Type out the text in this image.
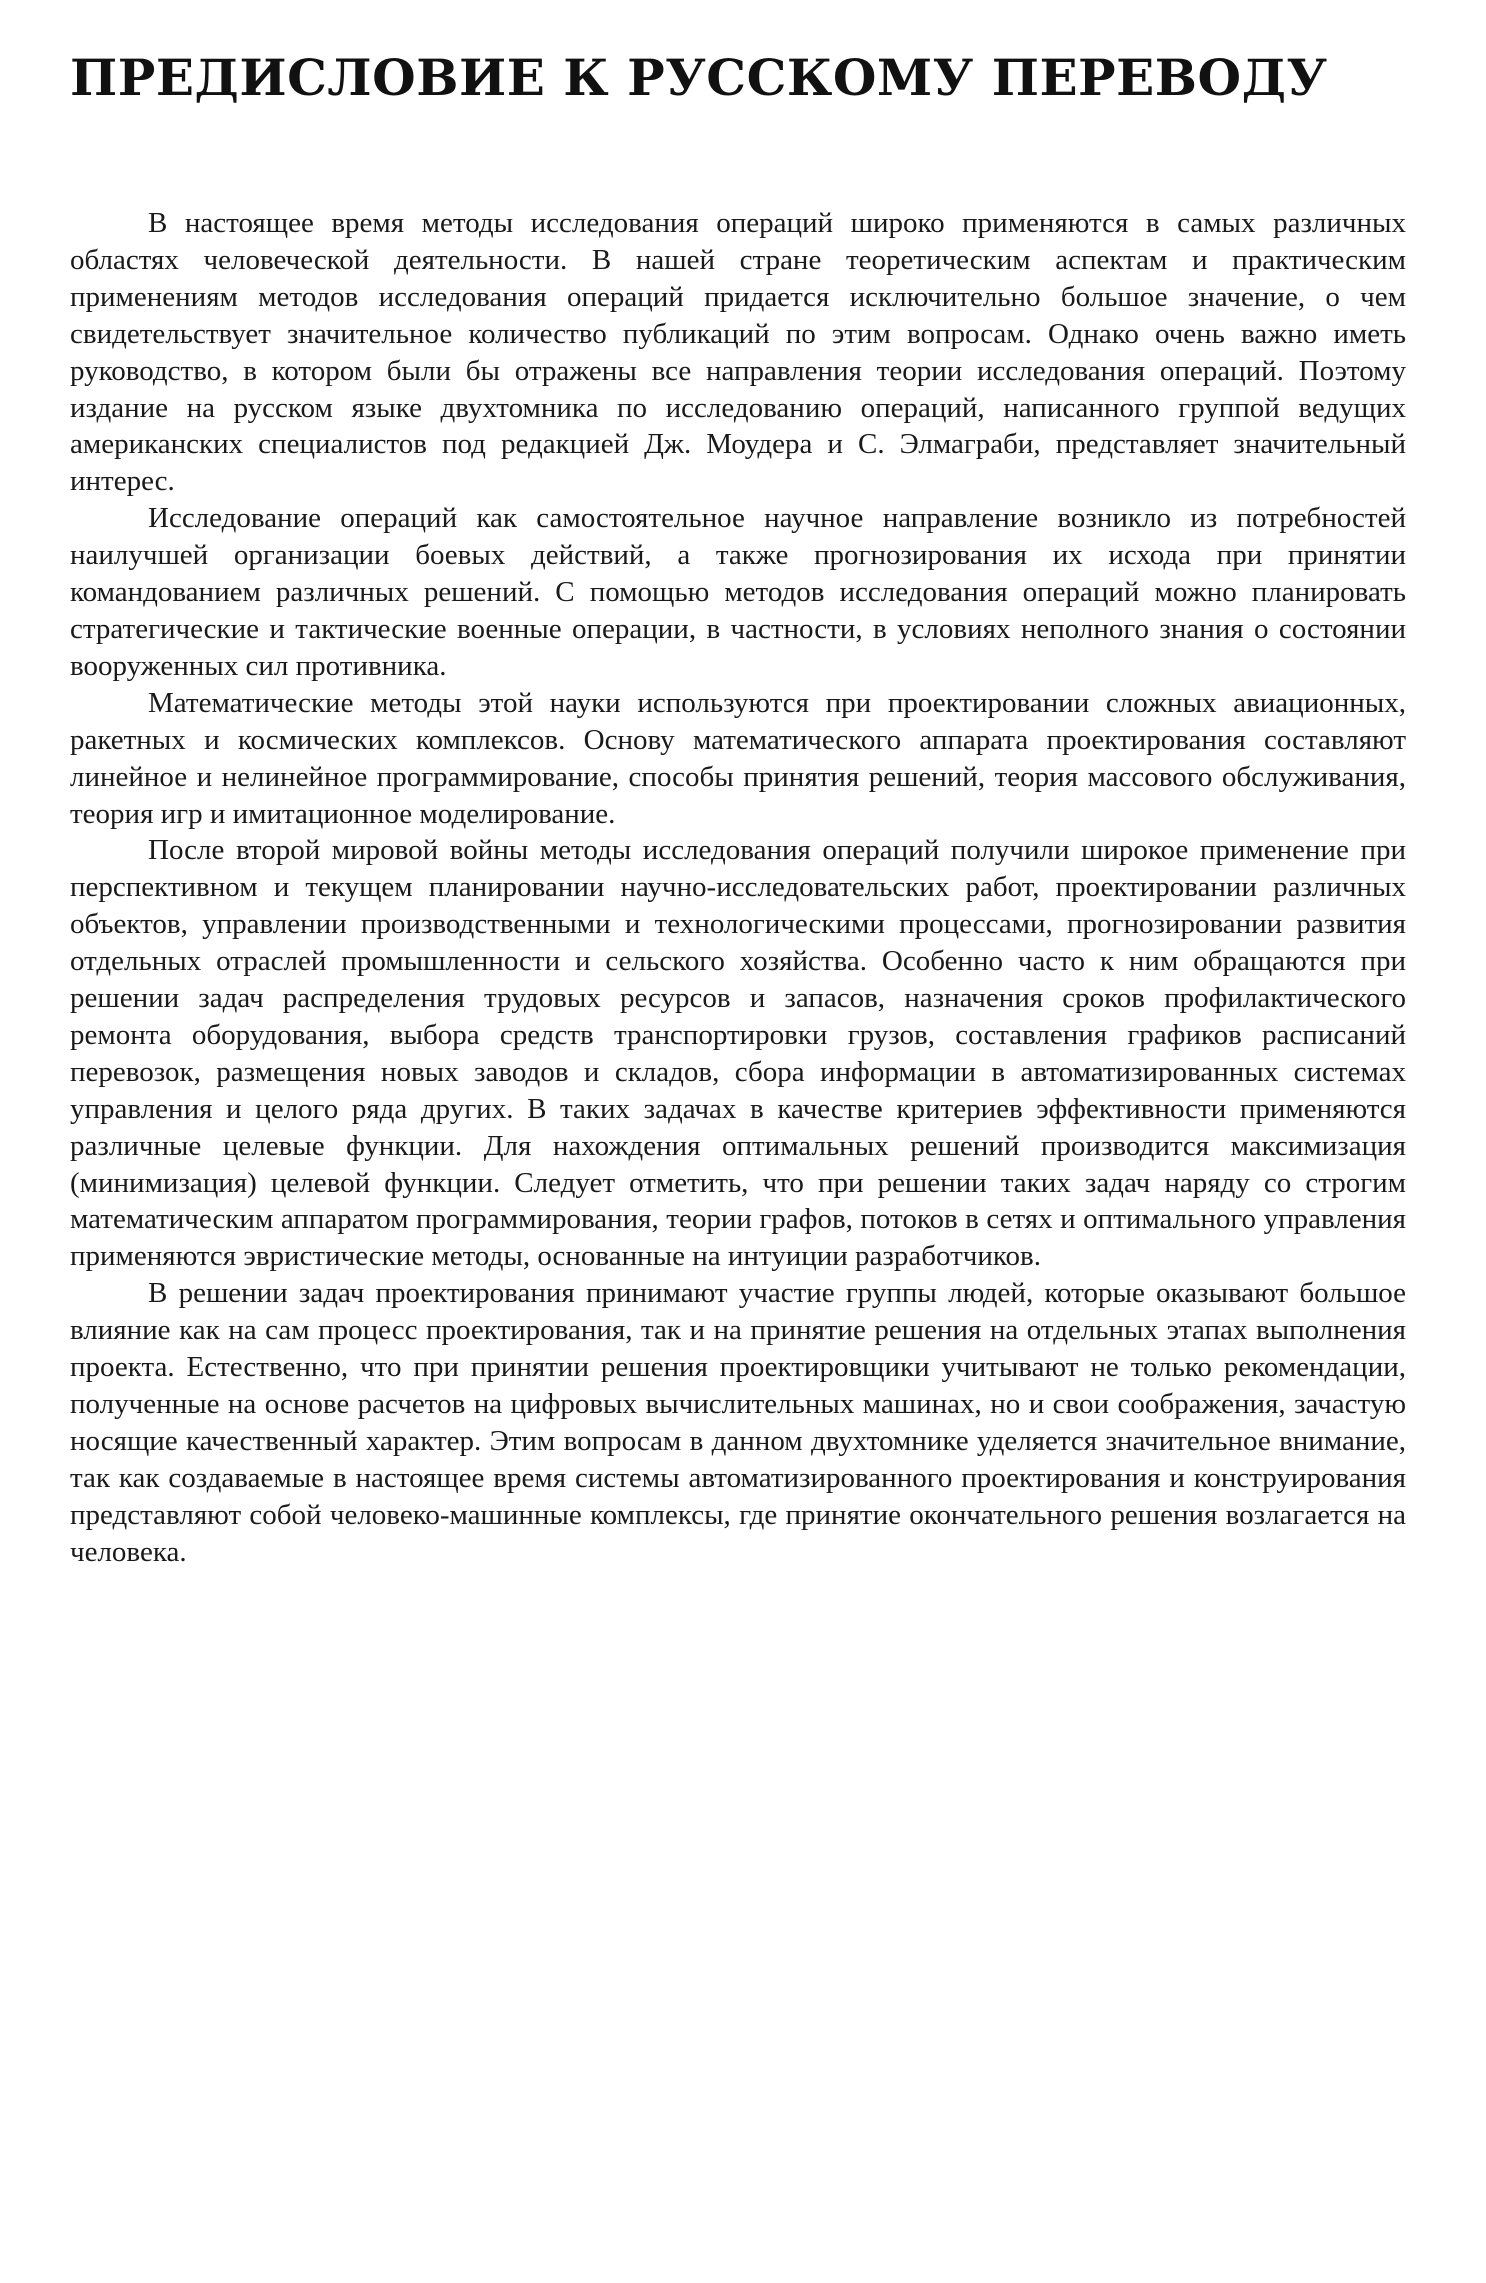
ПРЕДИСЛОВИЕ К РУССКОМУ ПЕРЕВОДУ

В настоящее время методы исследования операций широко применяются в самых различных областях человеческой деятельности. В нашей стране теоретическим аспектам и практическим применениям методов исследования операций придается исключительно большое значение, о чем свидетельствует значительное количество публикаций по этим вопросам. Однако очень важно иметь руководство, в котором были бы отражены все направления теории исследования операций. Поэтому издание на русском языке двухтомника по исследованию операций, написанного группой ведущих американских специалистов под редакцией Дж. Моудера и С. Элмаграби, представляет значительный интерес.

Исследование операций как самостоятельное научное направление возникло из потребностей наилучшей организации боевых действий, а также прогнозирования их исхода при принятии командованием различных решений. С помощью методов исследования операций можно планировать стратегические и тактические военные операции, в частности, в условиях неполного знания о состоянии вооруженных сил противника.

Математические методы этой науки используются при проектировании сложных авиационных, ракетных и космических комплексов. Основу математического аппарата проектирования составляют линейное и нелинейное программирование, способы принятия решений, теория массового обслуживания, теория игр и имитационное моделирование.

После второй мировой войны методы исследования операций получили широкое применение при перспективном и текущем планировании научно-исследовательских работ, проектировании различных объектов, управлении производственными и технологическими процессами, прогнозировании развития отдельных отраслей промышленности и сельского хозяйства. Особенно часто к ним обращаются при решении задач распределения трудовых ресурсов и запасов, назначения сроков профилактического ремонта оборудования, выбора средств транспортировки грузов, составления графиков расписаний перевозок, размещения новых заводов и складов, сбора информации в автоматизированных системах управления и целого ряда других. В таких задачах в качестве критериев эффективности применяются различные целевые функции. Для нахождения оптимальных решений производится максимизация (минимизация) целевой функции. Следует отметить, что при решении таких задач наряду со строгим математическим аппаратом программирования, теории графов, потоков в сетях и оптимального управления применяются эвристические методы, основанные на интуиции разработчиков.

В решении задач проектирования принимают участие группы людей, которые оказывают большое влияние как на сам процесс проектирования, так и на принятие решения на отдельных этапах выполнения проекта. Естественно, что при принятии решения проектировщики учитывают не только рекомендации, полученные на основе расчетов на цифровых вычислительных машинах, но и свои соображения, зачастую носящие качественный характер. Этим вопросам в данном двухтомнике уделяется значительное внимание, так как создаваемые в настоящее время системы автоматизированного проектирования и конструирования представляют собой человеко-машинные комплексы, где принятие окончательного решения возлагается на человека.
